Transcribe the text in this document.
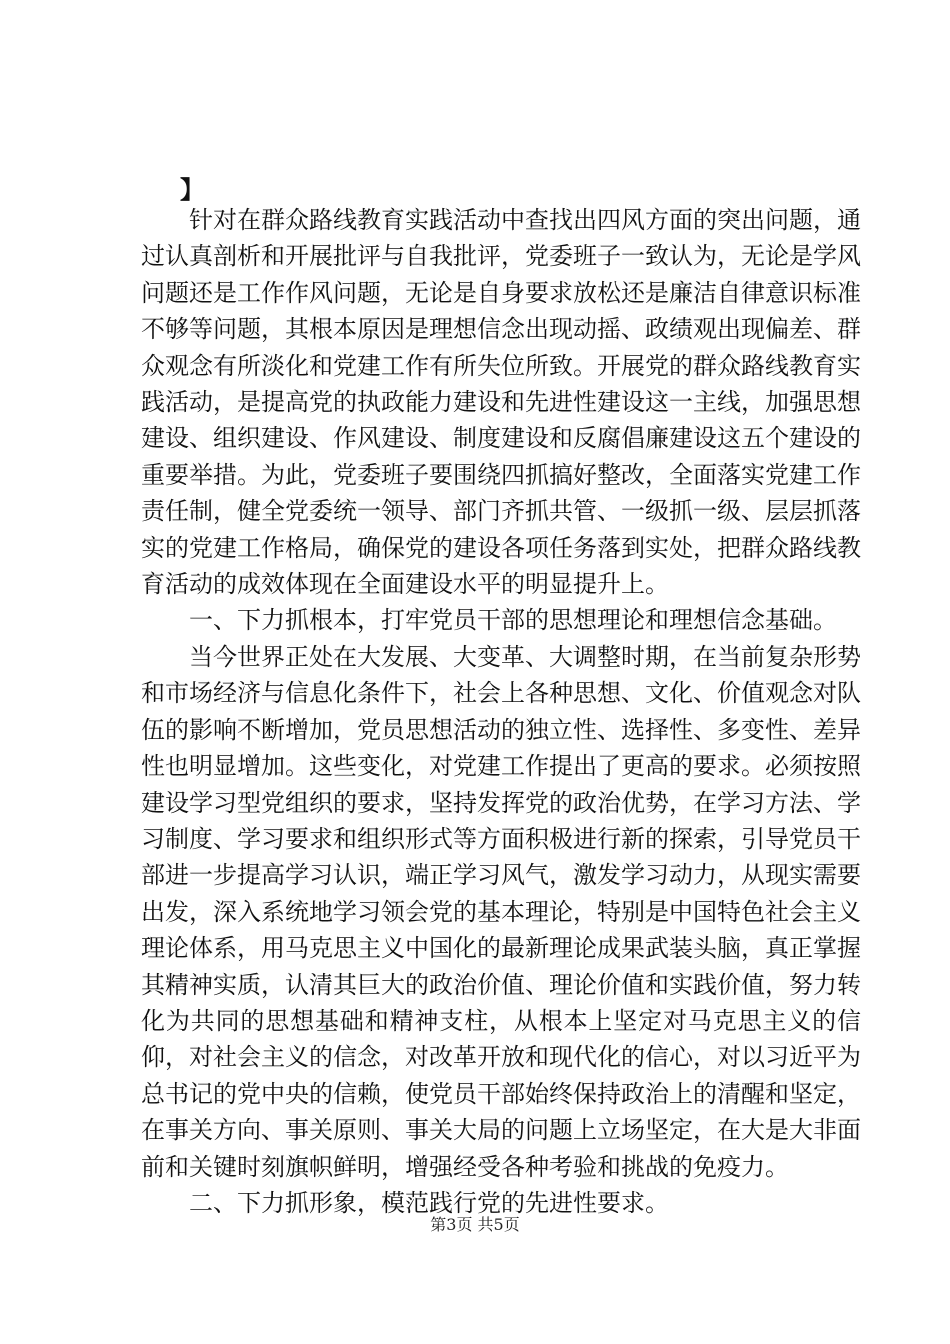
】

针对在群众路线教育实践活动中查找出四风方面的突出问题，通过认真剖析和开展批评与自我批评，党委班子一致认为，无论是学风问题还是工作作风问题，无论是自身要求放松还是廉洁自律意识标准不够等问题，其根本原因是理想信念出现动摇、政绩观出现偏差、群众观念有所淡化和党建工作有所失位所致。开展党的群众路线教育实践活动，是提高党的执政能力建设和先进性建设这一主线，加强思想建设、组织建设、作风建设、制度建设和反腐倡廉建设这五个建设的重要举措。为此，党委班子要围绕四抓搞好整改，全面落实党建工作责任制，健全党委统一领导、部门齐抓共管、一级抓一级、层层抓落实的党建工作格局，确保党的建设各项任务落到实处，把群众路线教育活动的成效体现在全面建设水平的明显提升上。

一、下力抓根本，打牢党员干部的思想理论和理想信念基础。

当今世界正处在大发展、大变革、大调整时期，在当前复杂形势和市场经济与信息化条件下，社会上各种思想、文化、价值观念对队伍的影响不断增加，党员思想活动的独立性、选择性、多变性、差异性也明显增加。这些变化，对党建工作提出了更高的要求。必须按照建设学习型党组织的要求，坚持发挥党的政治优势，在学习方法、学习制度、学习要求和组织形式等方面积极进行新的探索，引导党员干部进一步提高学习认识，端正学习风气，激发学习动力，从现实需要出发，深入系统地学习领会党的基本理论，特别是中国特色社会主义理论体系，用马克思主义中国化的最新理论成果武装头脑，真正掌握其精神实质，认清其巨大的政治价值、理论价值和实践价值，努力转化为共同的思想基础和精神支柱，从根本上坚定对马克思主义的信仰，对社会主义的信念，对改革开放和现代化的信心，对以习近平为总书记的党中央的信赖，使党员干部始终保持政治上的清醒和坚定，在事关方向、事关原则、事关大局的问题上立场坚定，在大是大非面前和关键时刻旗帜鲜明，增强经受各种考验和挑战的免疫力。

二、下力抓形象，模范践行党的先进性要求。

第3页 共5页
